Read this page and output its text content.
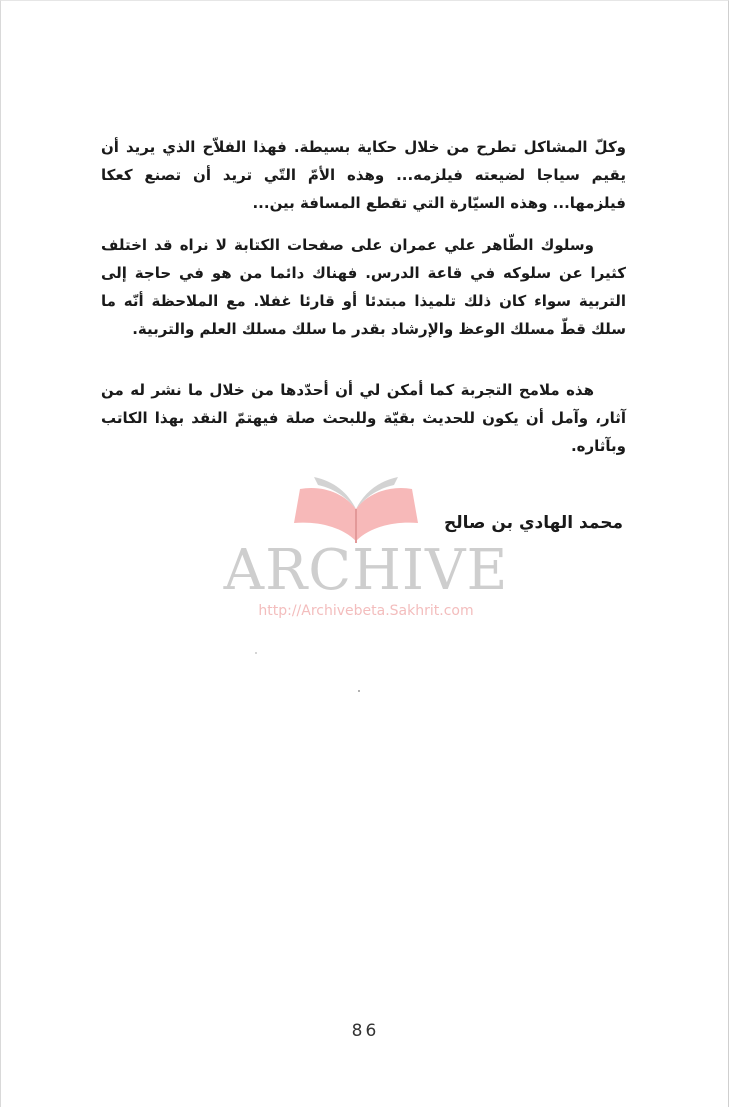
وكلّ المشاكل تطرح من خلال حكاية بسيطة. فهذا الفلاّح الذي يريد أن يقيم سياجا لضيعته فيلزمه... وهذه الأمّ التّي تريد أن تصنع كعكا فيلزمها... وهذه السيّارة التي تقطع المسافة بين...

وسلوك الطّاهر علي عمران على صفحات الكتابة لا نراه قد اختلف كثيرا عن سلوكه في قاعة الدرس. فهناك دائما من هو في حاجة إلى التربية سواء كان ذلك تلميذا مبتدئا أو قارئا غفلا. مع الملاحظة أنّه ما سلك قطّ مسلك الوعظ والإرشاد بقدر ما سلك مسلك العلم والتربية.

هذه ملامح التجربة كما أمكن لي أن أحدّدها من خلال ما نشر له من آثار، وآمل أن يكون للحديث بقيّة وللبحث صلة فيهتمّ النقد بهذا الكاتب وبآثاره.

ARCHIVE
http://Archivebeta.Sakhrit.com
محمد الهادي بن صالح
86
